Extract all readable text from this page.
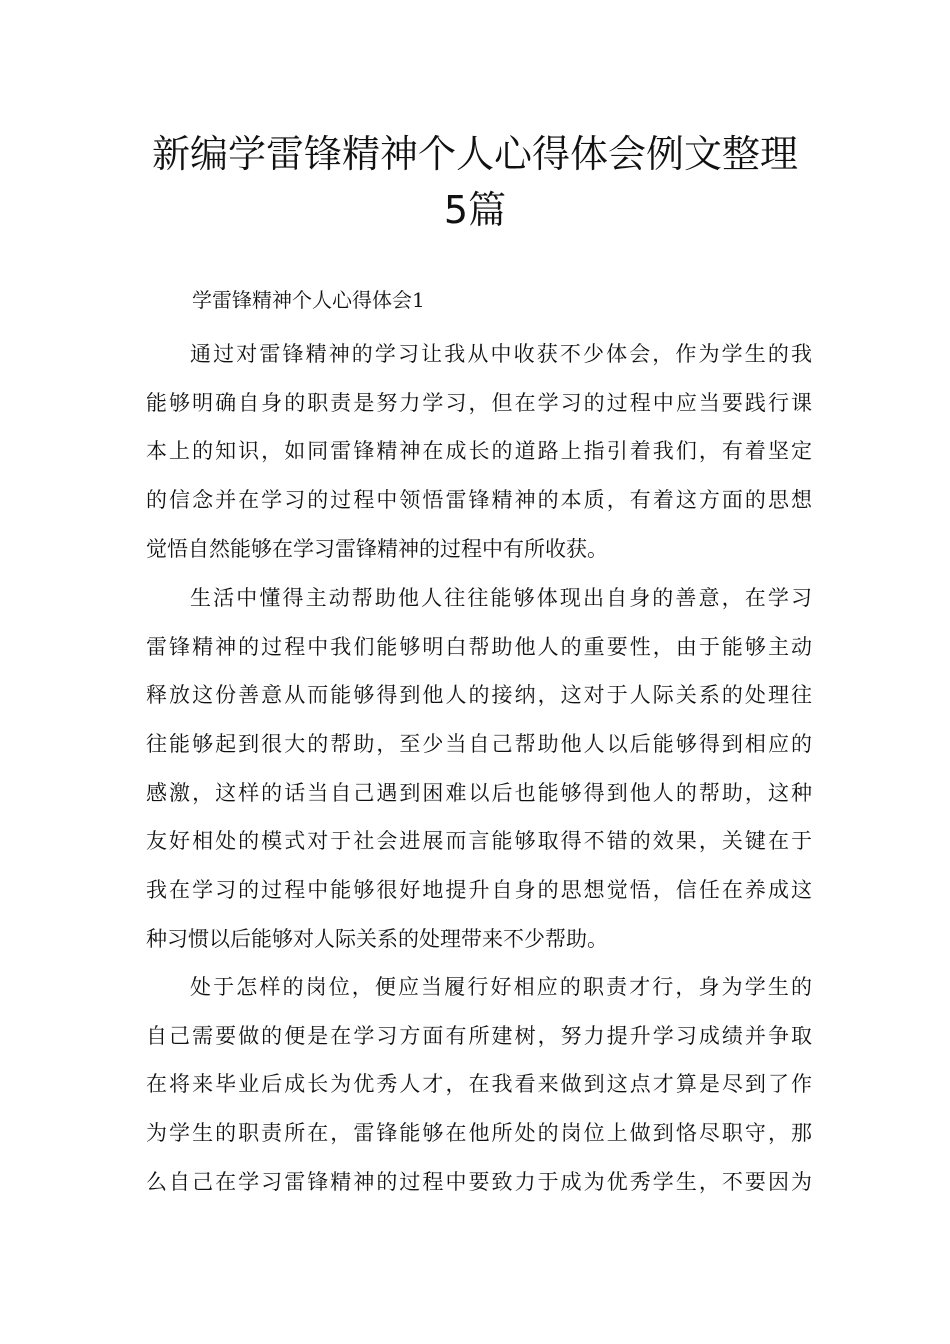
新编学雷锋精神个人心得体会例文整理
5篇

学雷锋精神个人心得体会1

通过对雷锋精神的学习让我从中收获不少体会，作为学生的我
能够明确自身的职责是努力学习，但在学习的过程中应当要践行课
本上的知识，如同雷锋精神在成长的道路上指引着我们，有着坚定
的信念并在学习的过程中领悟雷锋精神的本质，有着这方面的思想
觉悟自然能够在学习雷锋精神的过程中有所收获。
生活中懂得主动帮助他人往往能够体现出自身的善意，在学习
雷锋精神的过程中我们能够明白帮助他人的重要性，由于能够主动
释放这份善意从而能够得到他人的接纳，这对于人际关系的处理往
往能够起到很大的帮助，至少当自己帮助他人以后能够得到相应的
感激，这样的话当自己遇到困难以后也能够得到他人的帮助，这种
友好相处的模式对于社会进展而言能够取得不错的效果，关键在于
我在学习的过程中能够很好地提升自身的思想觉悟，信任在养成这
种习惯以后能够对人际关系的处理带来不少帮助。
处于怎样的岗位，便应当履行好相应的职责才行，身为学生的
自己需要做的便是在学习方面有所建树，努力提升学习成绩并争取
在将来毕业后成长为优秀人才，在我看来做到这点才算是尽到了作
为学生的职责所在，雷锋能够在他所处的岗位上做到恪尽职守，那
么自己在学习雷锋精神的过程中要致力于成为优秀学生，不要因为
